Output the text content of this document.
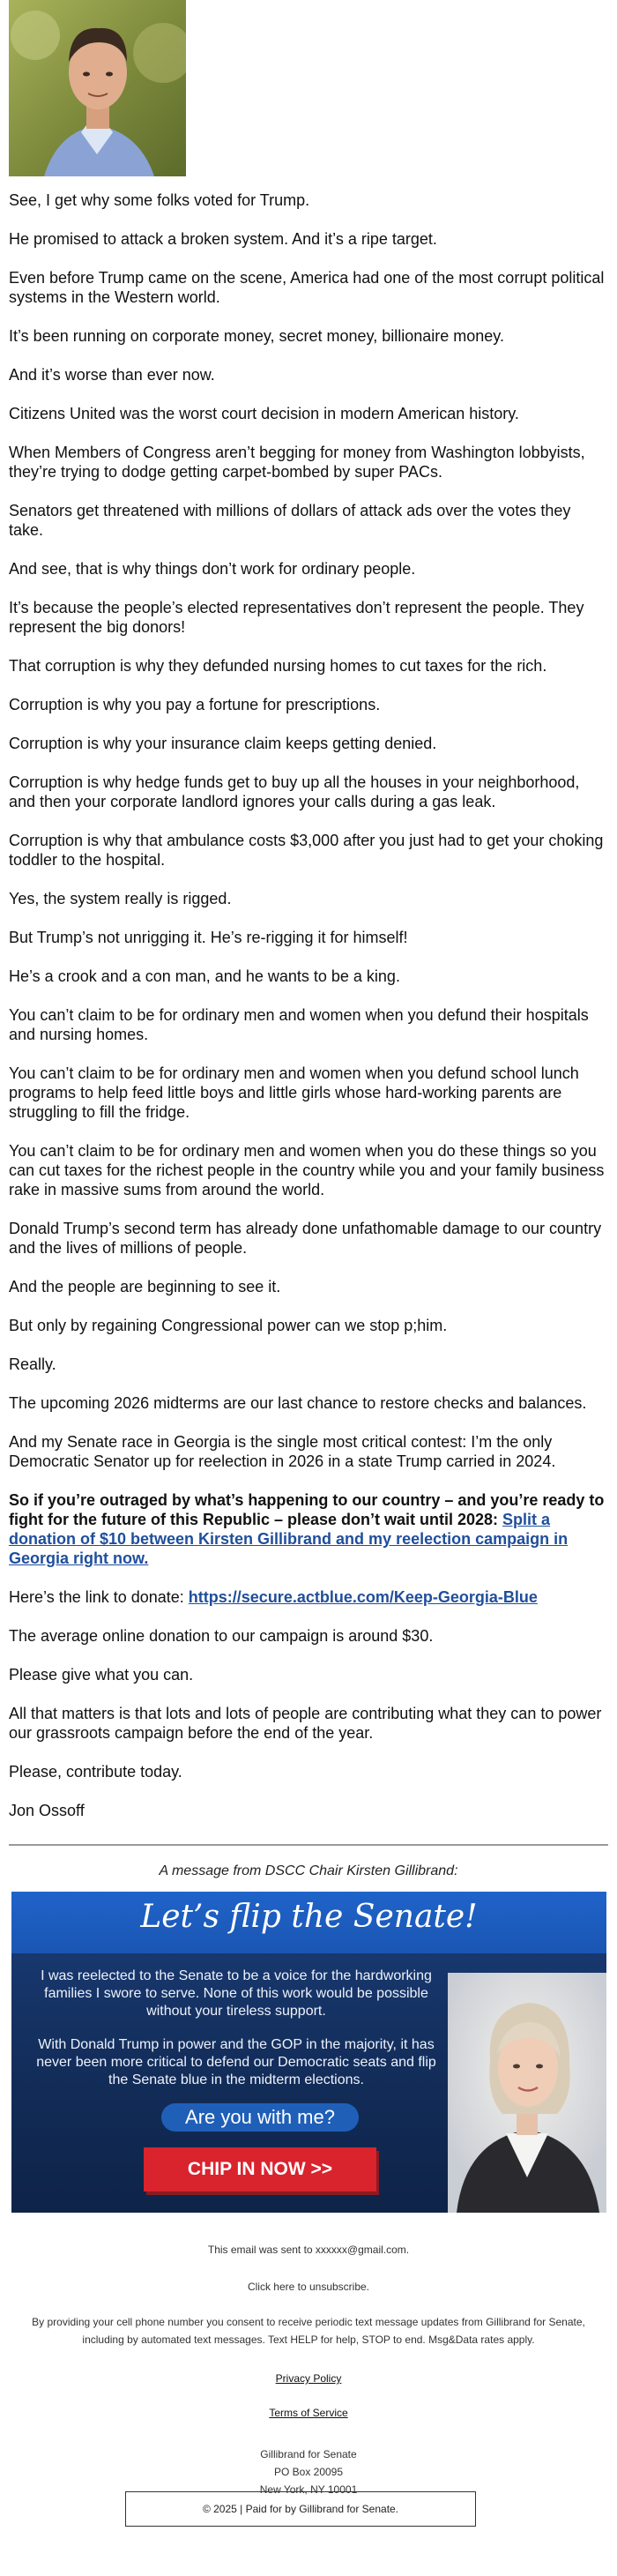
See, I get why some folks voted for Trump.

He promised to attack a broken system. And it’s a ripe target.

Even before Trump came on the scene, America had one of the most corrupt political systems in the Western world.

It’s been running on corporate money, secret money, billionaire money.

And it’s worse than ever now.

Citizens United was the worst court decision in modern American history.

When Members of Congress aren’t begging for money from Washington lobbyists, they’re trying to dodge getting carpet-bombed by super PACs.

Senators get threatened with millions of dollars of attack ads over the votes they take.

And see, that is why things don’t work for ordinary people.

It’s because the people’s elected representatives don’t represent the people. They represent the big donors!

That corruption is why they defunded nursing homes to cut taxes for the rich.

Corruption is why you pay a fortune for prescriptions.

Corruption is why your insurance claim keeps getting denied.

Corruption is why hedge funds get to buy up all the houses in your neighborhood, and then your corporate landlord ignores your calls during a gas leak.

Corruption is why that ambulance costs $3,000 after you just had to get your choking toddler to the hospital.

Yes, the system really is rigged.

But Trump’s not unrigging it. He’s re-rigging it for himself!

He’s a crook and a con man, and he wants to be a king.

You can’t claim to be for ordinary men and women when you defund their hospitals and nursing homes.

You can’t claim to be for ordinary men and women when you defund school lunch programs to help feed little boys and little girls whose hard-working parents are struggling to fill the fridge.

You can’t claim to be for ordinary men and women when you do these things so you can cut taxes for the richest people in the country while you and your family business rake in massive sums from around the world.

Donald Trump’s second term has already done unfathomable damage to our country and the lives of millions of people.

And the people are beginning to see it.

But only by regaining Congressional power can we stop p;him.

Really.

The upcoming 2026 midterms are our last chance to restore checks and balances.

And my Senate race in Georgia is the single most critical contest: I’m the only Democratic Senator up for reelection in 2026 in a state Trump carried in 2024.

So if you’re outraged by what’s happening to our country – and you’re ready to fight for the future of this Republic – please don’t wait until 2028: Split a donation of $10 between Kirsten Gillibrand and my reelection campaign in Georgia right now.

Here’s the link to donate: https://secure.actblue.com/Keep-Georgia-Blue

The average online donation to our campaign is around $30.

Please give what you can.

All that matters is that lots and lots of people are contributing what they can to power our grassroots campaign before the end of the year.

Please, contribute today.

Jon Ossoff

A message from DSCC Chair Kirsten Gillibrand:
Let’s flip the Senate!

I was reelected to the Senate to be a voice for the hardworking families I swore to serve. None of this work would be possible without your tireless support.

With Donald Trump in power and the GOP in the majority, it has never been more critical to defend our Democratic seats and flip the Senate blue in the midterm elections.

Are you with me?
CHIP IN NOW >>
This email was sent to xxxxxx@gmail.com.
Click here to unsubscribe.
By providing your cell phone number you consent to receive periodic text message updates from Gillibrand for Senate,
including by automated text messages. Text HELP for help, STOP to end. Msg&Data rates apply.
Privacy Policy
Terms of Service
Gillibrand for Senate
PO Box 20095
New York, NY 10001
© 2025 | Paid for by Gillibrand for Senate.
